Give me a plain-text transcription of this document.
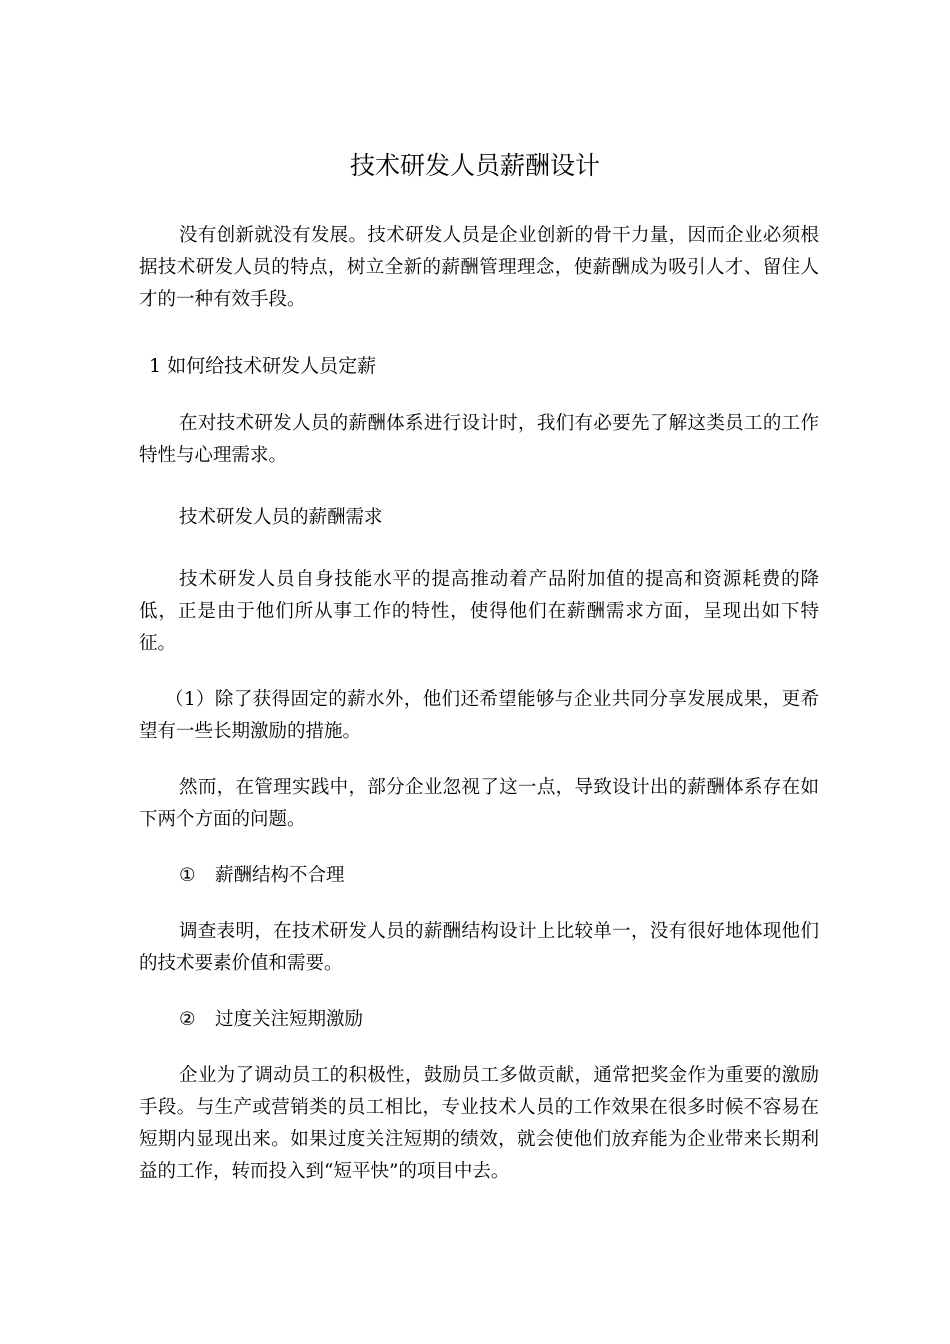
技术研发人员薪酬设计

没有创新就没有发展。技术研发人员是企业创新的骨干力量，因而企业必须根据技术研发人员的特点，树立全新的薪酬管理理念，使薪酬成为吸引人才、留住人才的一种有效手段。

1 如何给技术研发人员定薪

在对技术研发人员的薪酬体系进行设计时，我们有必要先了解这类员工的工作特性与心理需求。

技术研发人员的薪酬需求

技术研发人员自身技能水平的提高推动着产品附加值的提高和资源耗费的降低，正是由于他们所从事工作的特性，使得他们在薪酬需求方面，呈现出如下特征。

（1）除了获得固定的薪水外，他们还希望能够与企业共同分享发展成果，更希望有一些长期激励的措施。

然而，在管理实践中，部分企业忽视了这一点，导致设计出的薪酬体系存在如下两个方面的问题。

① 薪酬结构不合理

调查表明，在技术研发人员的薪酬结构设计上比较单一，没有很好地体现他们的技术要素价值和需要。

② 过度关注短期激励

企业为了调动员工的积极性，鼓励员工多做贡献，通常把奖金作为重要的激励手段。与生产或营销类的员工相比，专业技术人员的工作效果在很多时候不容易在短期内显现出来。如果过度关注短期的绩效，就会使他们放弃能为企业带来长期利益的工作，转而投入到“短平快”的项目中去。
